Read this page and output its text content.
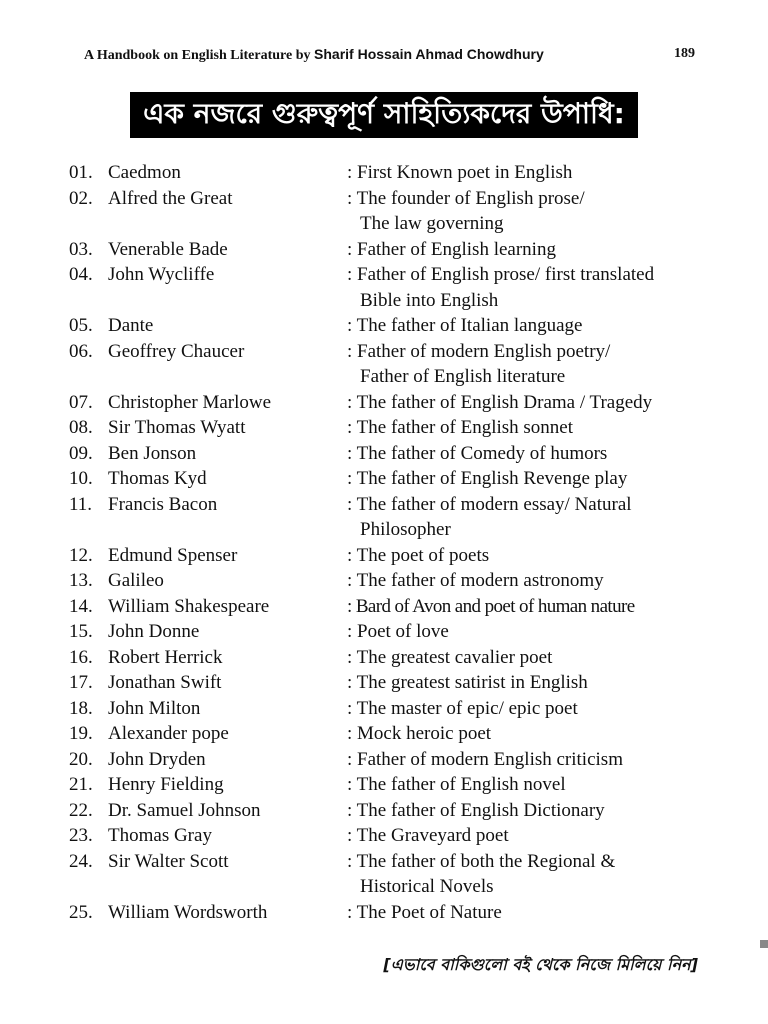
A Handbook on English Literature by Sharif Hossain Ahmad Chowdhury	189
এক নজরে গুরুত্বপূর্ণ সাহিত্যিকদের উপাধি:
01. Caedmon	: First Known poet in English
02. Alfred the Great	: The founder of English prose/
The law governing
03. Venerable Bade	: Father of English learning
04. John Wycliffe	: Father of English prose/ first translated
Bible into English
05. Dante	: The father of Italian language
06. Geoffrey Chaucer	: Father of modern English poetry/
Father of English literature
07. Christopher Marlowe	: The father of English Drama / Tragedy
08. Sir Thomas Wyatt	: The father of English sonnet
09. Ben Jonson	: The father of Comedy of humors
10. Thomas Kyd	: The father of English Revenge play
11. Francis Bacon	: The father of modern essay/ Natural
Philosopher
12. Edmund Spenser	: The poet of poets
13. Galileo	: The father of modern astronomy
14. William Shakespeare	: Bard of Avon and poet of human nature
15. John Donne	: Poet of love
16. Robert Herrick	: The greatest cavalier poet
17. Jonathan Swift	: The greatest satirist in English
18. John Milton	: The master of epic/ epic poet
19. Alexander pope	: Mock heroic poet
20. John Dryden	: Father of modern English criticism
21. Henry Fielding	: The father of English novel
22. Dr. Samuel Johnson	: The father of English Dictionary
23. Thomas Gray	: The Graveyard poet
24. Sir Walter Scott	: The father of both the Regional &
Historical Novels
25. William Wordsworth	: The Poet of Nature
[এভাবে বাকিগুলো বই থেকে নিজে মিলিয়ে নিন]
